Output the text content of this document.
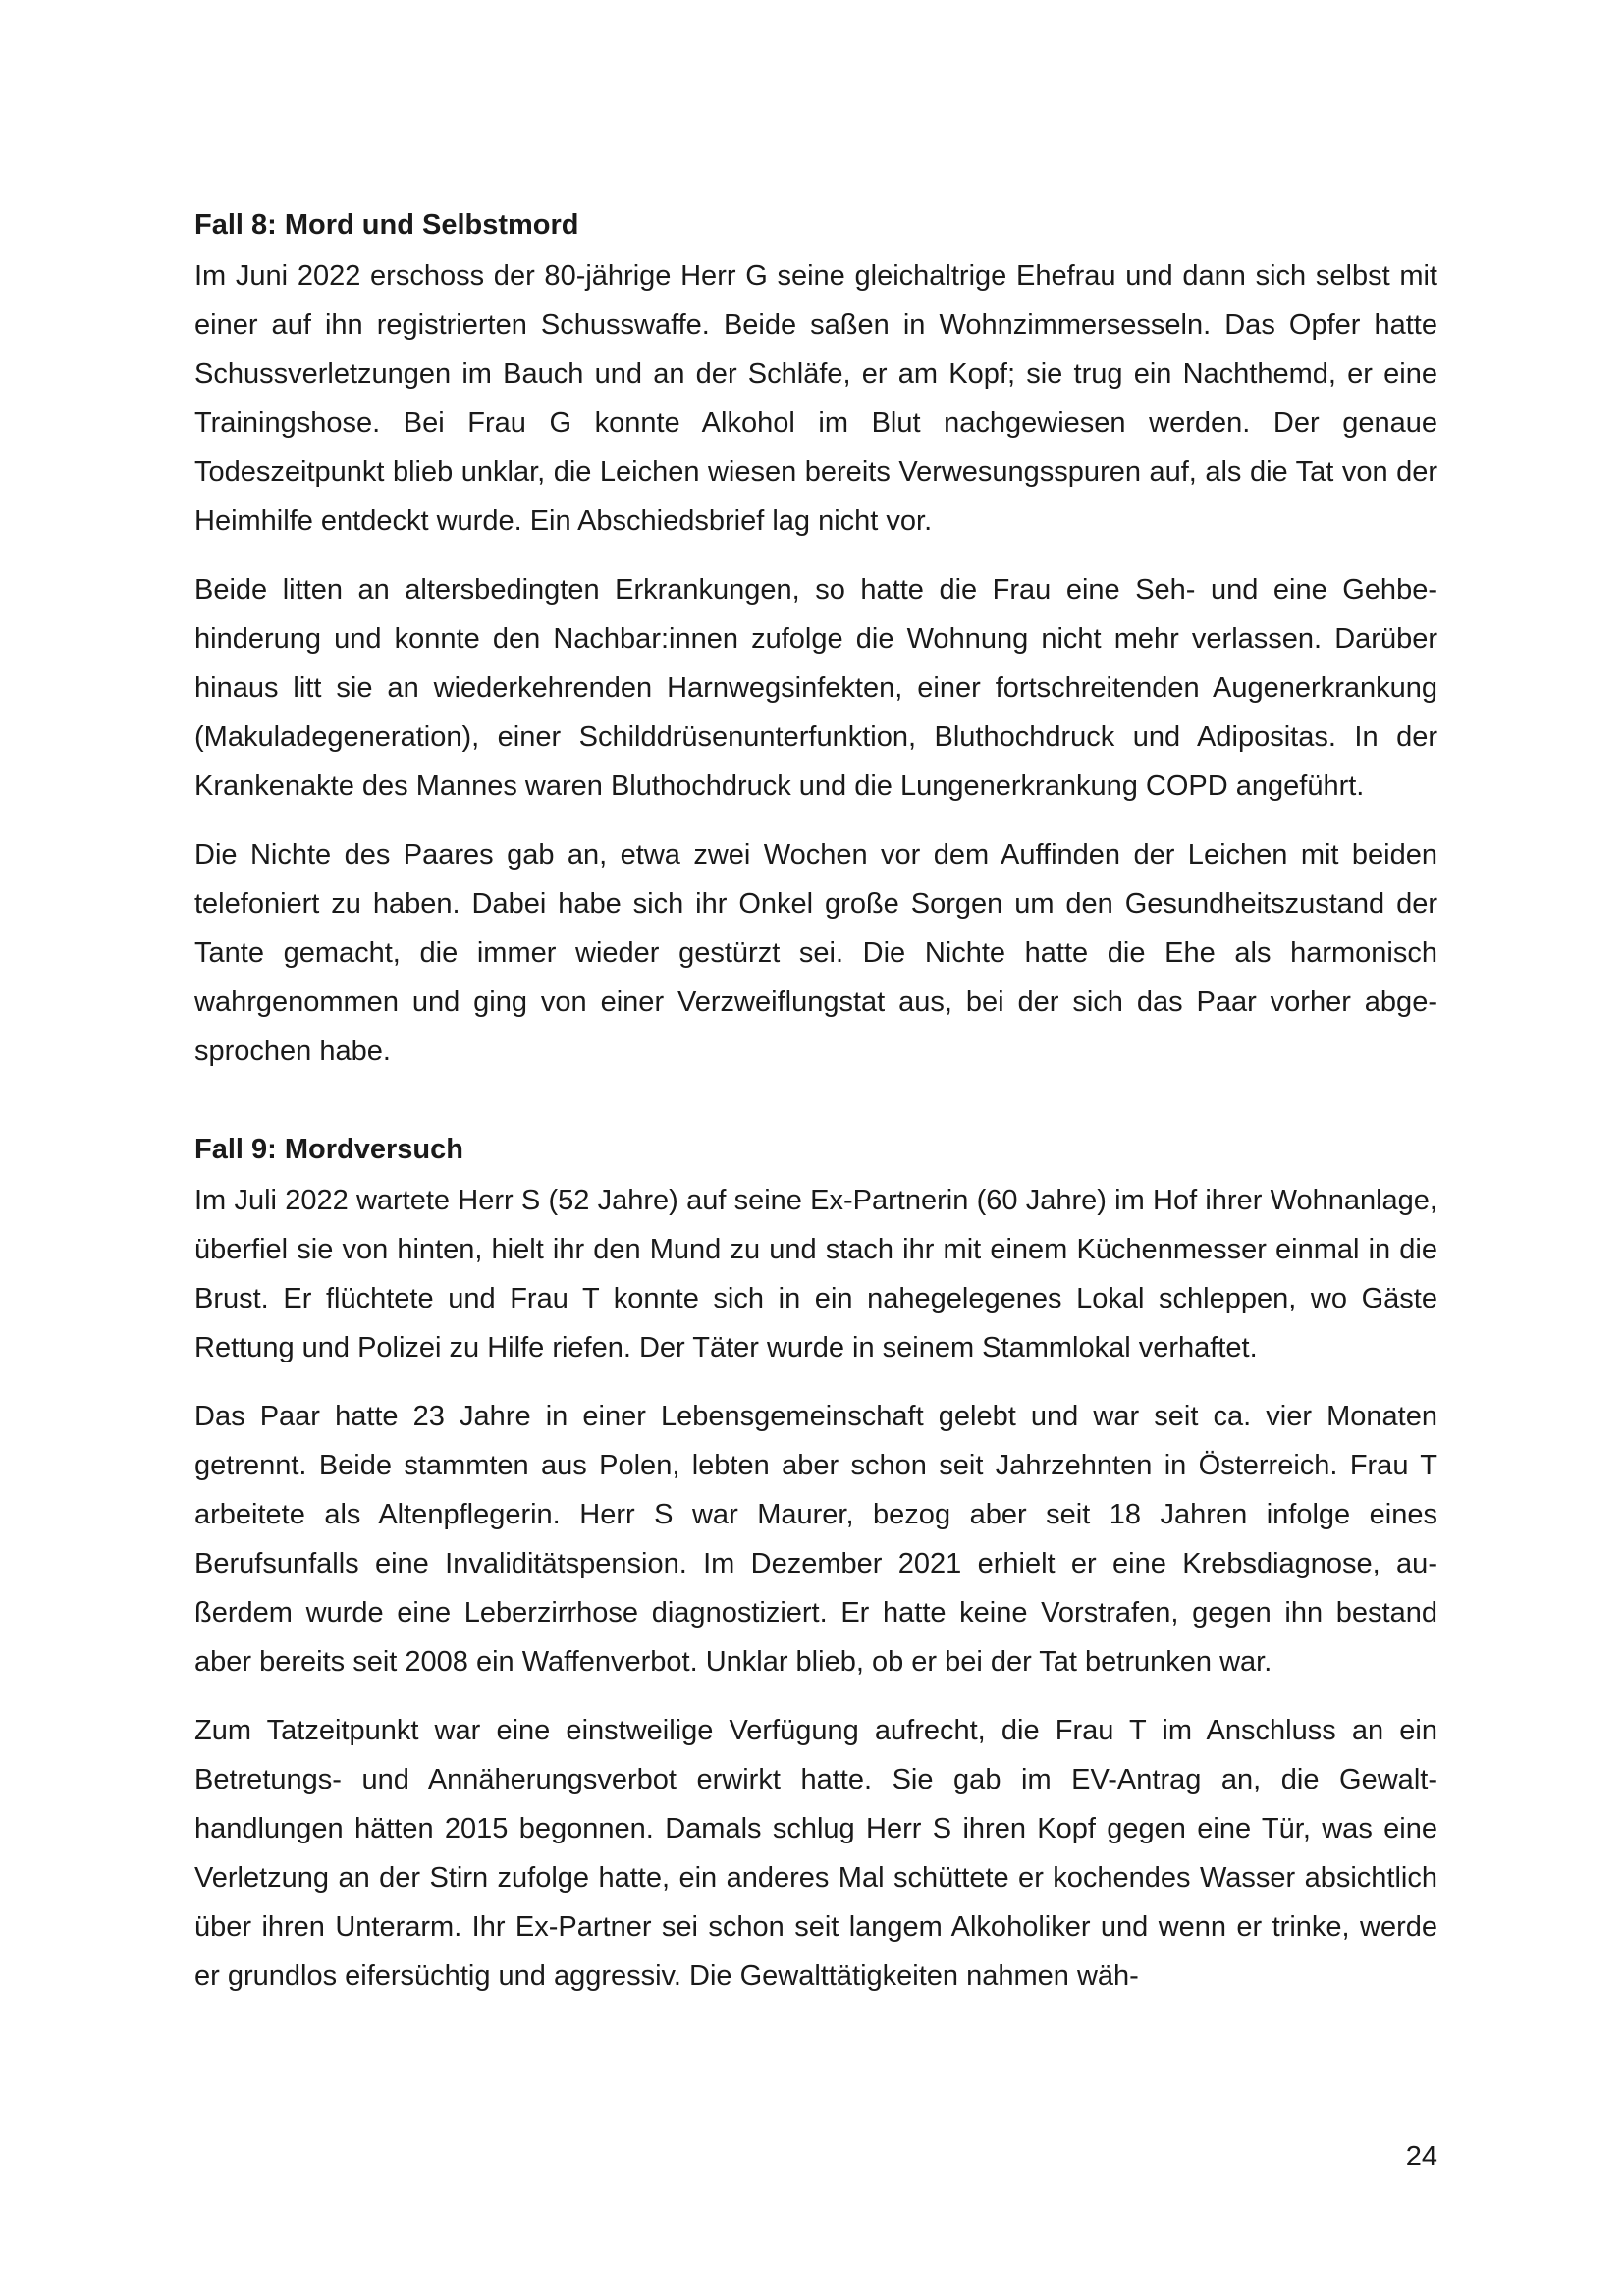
Fall 8: Mord und Selbstmord

Im Juni 2022 erschoss der 80-jährige Herr G seine gleichaltrige Ehefrau und dann sich selbst mit einer auf ihn registrierten Schusswaffe. Beide saßen in Wohnzimmersesseln. Das Opfer hatte Schussverletzungen im Bauch und an der Schläfe, er am Kopf; sie trug ein Nachthemd, er eine Trainingshose. Bei Frau G konnte Alkohol im Blut nachgewiesen werden. Der genaue Todeszeitpunkt blieb unklar, die Leichen wiesen bereits Verwesungsspuren auf, als die Tat von der Heimhilfe entdeckt wurde. Ein Abschiedsbrief lag nicht vor.

Beide litten an altersbedingten Erkrankungen, so hatte die Frau eine Seh- und eine Gehbehinderung und konnte den Nachbar:innen zufolge die Wohnung nicht mehr verlassen. Darüber hinaus litt sie an wiederkehrenden Harnwegsinfekten, einer fortschreitenden Augenerkrankung (Makuladegeneration), einer Schilddrüsenunterfunktion, Bluthochdruck und Adipositas. In der Krankenakte des Mannes waren Bluthochdruck und die Lungenerkrankung COPD angeführt.

Die Nichte des Paares gab an, etwa zwei Wochen vor dem Auffinden der Leichen mit beiden telefoniert zu haben. Dabei habe sich ihr Onkel große Sorgen um den Gesundheitszustand der Tante gemacht, die immer wieder gestürzt sei. Die Nichte hatte die Ehe als harmonisch wahrgenommen und ging von einer Verzweiflungstat aus, bei der sich das Paar vorher abgesprochen habe.

Fall 9: Mordversuch

Im Juli 2022 wartete Herr S (52 Jahre) auf seine Ex-Partnerin (60 Jahre) im Hof ihrer Wohnanlage, überfiel sie von hinten, hielt ihr den Mund zu und stach ihr mit einem Küchenmesser einmal in die Brust. Er flüchtete und Frau T konnte sich in ein nahegelegenes Lokal schleppen, wo Gäste Rettung und Polizei zu Hilfe riefen. Der Täter wurde in seinem Stammlokal verhaftet.

Das Paar hatte 23 Jahre in einer Lebensgemeinschaft gelebt und war seit ca. vier Monaten getrennt. Beide stammten aus Polen, lebten aber schon seit Jahrzehnten in Österreich. Frau T arbeitete als Altenpflegerin. Herr S war Maurer, bezog aber seit 18 Jahren infolge eines Berufsunfalls eine Invaliditätspension. Im Dezember 2021 erhielt er eine Krebsdiagnose, außerdem wurde eine Leberzirrhose diagnostiziert. Er hatte keine Vorstrafen, gegen ihn bestand aber bereits seit 2008 ein Waffenverbot. Unklar blieb, ob er bei der Tat betrunken war.

Zum Tatzeitpunkt war eine einstweilige Verfügung aufrecht, die Frau T im Anschluss an ein Betretungs- und Annäherungsverbot erwirkt hatte. Sie gab im EV-Antrag an, die Gewalthandlungen hätten 2015 begonnen. Damals schlug Herr S ihren Kopf gegen eine Tür, was eine Verletzung an der Stirn zufolge hatte, ein anderes Mal schüttete er kochendes Wasser absichtlich über ihren Unterarm. Ihr Ex-Partner sei schon seit langem Alkoholiker und wenn er trinke, werde er grundlos eifersüchtig und aggressiv. Die Gewalttätigkeiten nahmen wäh-

24
